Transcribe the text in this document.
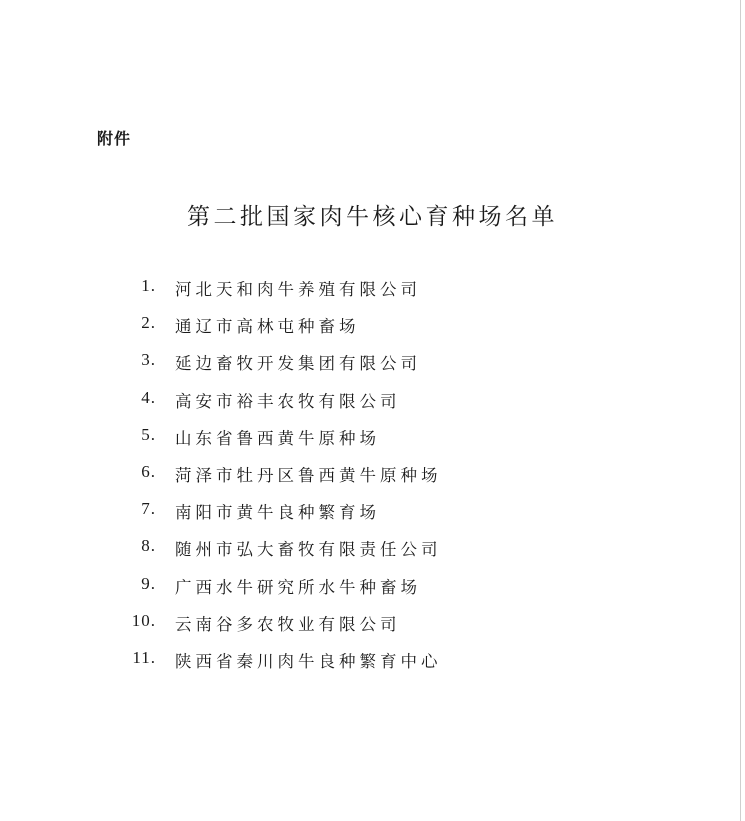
附件
第二批国家肉牛核心育种场名单
1. 河北天和肉牛养殖有限公司
2. 通辽市高林屯种畜场
3. 延边畜牧开发集团有限公司
4. 高安市裕丰农牧有限公司
5. 山东省鲁西黄牛原种场
6. 菏泽市牡丹区鲁西黄牛原种场
7. 南阳市黄牛良种繁育场
8. 随州市弘大畜牧有限责任公司
9. 广西水牛研究所水牛种畜场
10. 云南谷多农牧业有限公司
11. 陕西省秦川肉牛良种繁育中心
